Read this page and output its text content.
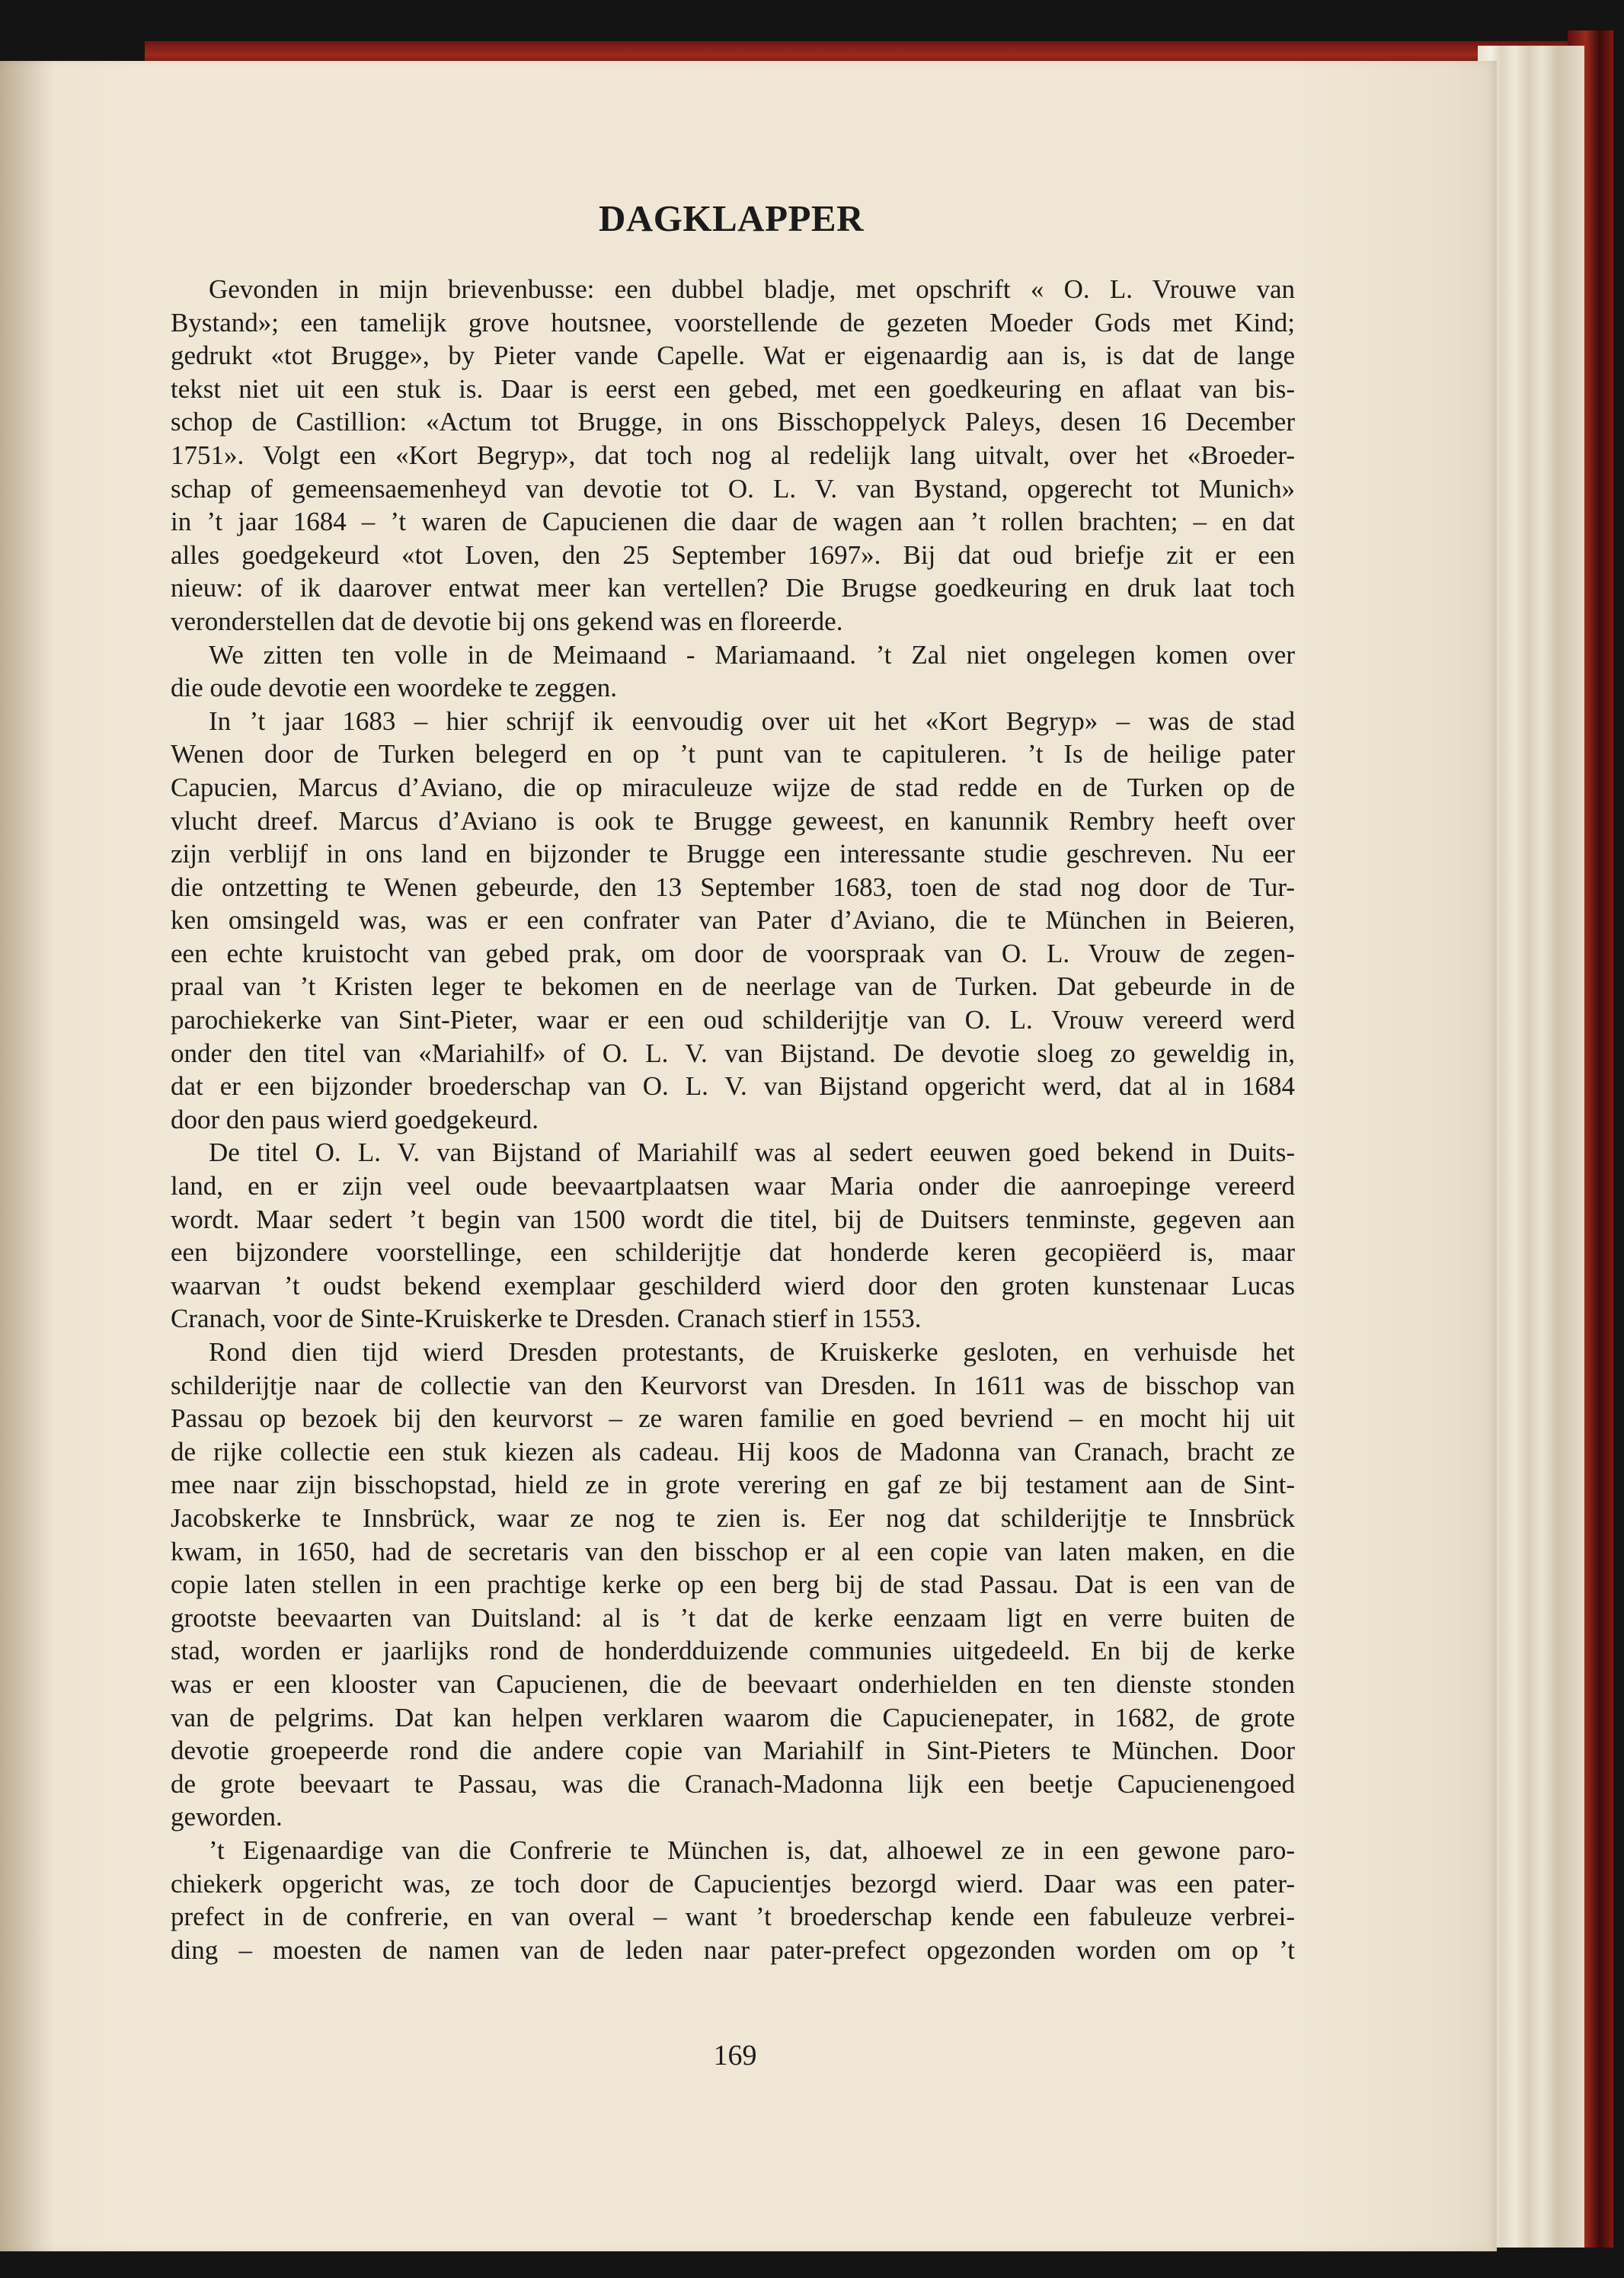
DAGKLAPPER
Gevonden in mijn brievenbusse: een dubbel bladje, met opschrift « O. L. Vrouwe van
Bystand»; een tamelijk grove houtsnee, voorstellende de gezeten Moeder Gods met Kind;
gedrukt «tot Brugge», by Pieter vande Capelle. Wat er eigenaardig aan is, is dat de lange
tekst niet uit een stuk is. Daar is eerst een gebed, met een goedkeuring en aflaat van bis-
schop de Castillion: «Actum tot Brugge, in ons Bisschoppelyck Paleys, desen 16 December
1751». Volgt een «Kort Begryp», dat toch nog al redelijk lang uitvalt, over het «Broeder-
schap of gemeensaemenheyd van devotie tot O. L. V. van Bystand, opgerecht tot Munich»
in ’t jaar 1684 – ’t waren de Capucienen die daar de wagen aan ’t rollen brachten; – en dat
alles goedgekeurd «tot Loven, den 25 September 1697». Bij dat oud briefje zit er een
nieuw: of ik daarover entwat meer kan vertellen? Die Brugse goedkeuring en druk laat toch
veronderstellen dat de devotie bij ons gekend was en floreerde.
We zitten ten volle in de Meimaand - Mariamaand. ’t Zal niet ongelegen komen over
die oude devotie een woordeke te zeggen.
In ’t jaar 1683 – hier schrijf ik eenvoudig over uit het «Kort Begryp» – was de stad
Wenen door de Turken belegerd en op ’t punt van te capituleren. ’t Is de heilige pater
Capucien, Marcus d’Aviano, die op miraculeuze wijze de stad redde en de Turken op de
vlucht dreef. Marcus d’Aviano is ook te Brugge geweest, en kanunnik Rembry heeft over
zijn verblijf in ons land en bijzonder te Brugge een interessante studie geschreven. Nu eer
die ontzetting te Wenen gebeurde, den 13 September 1683, toen de stad nog door de Tur-
ken omsingeld was, was er een confrater van Pater d’Aviano, die te München in Beieren,
een echte kruistocht van gebed prak, om door de voorspraak van O. L. Vrouw de zegen-
praal van ’t Kristen leger te bekomen en de neerlage van de Turken. Dat gebeurde in de
parochiekerke van Sint-Pieter, waar er een oud schilderijtje van O. L. Vrouw vereerd werd
onder den titel van «Mariahilf» of O. L. V. van Bijstand. De devotie sloeg zo geweldig in,
dat er een bijzonder broederschap van O. L. V. van Bijstand opgericht werd, dat al in 1684
door den paus wierd goedgekeurd.
De titel O. L. V. van Bijstand of Mariahilf was al sedert eeuwen goed bekend in Duits-
land, en er zijn veel oude beevaartplaatsen waar Maria onder die aanroepinge vereerd
wordt. Maar sedert ’t begin van 1500 wordt die titel, bij de Duitsers tenminste, gegeven aan
een bijzondere voorstellinge, een schilderijtje dat honderde keren gecopiëerd is, maar
waarvan ’t oudst bekend exemplaar geschilderd wierd door den groten kunstenaar Lucas
Cranach, voor de Sinte-Kruiskerke te Dresden. Cranach stierf in 1553.
Rond dien tijd wierd Dresden protestants, de Kruiskerke gesloten, en verhuisde het
schilderijtje naar de collectie van den Keurvorst van Dresden. In 1611 was de bisschop van
Passau op bezoek bij den keurvorst – ze waren familie en goed bevriend – en mocht hij uit
de rijke collectie een stuk kiezen als cadeau. Hij koos de Madonna van Cranach, bracht ze
mee naar zijn bisschopstad, hield ze in grote verering en gaf ze bij testament aan de Sint-
Jacobskerke te Innsbrück, waar ze nog te zien is. Eer nog dat schilderijtje te Innsbrück
kwam, in 1650, had de secretaris van den bisschop er al een copie van laten maken, en die
copie laten stellen in een prachtige kerke op een berg bij de stad Passau. Dat is een van de
grootste beevaarten van Duitsland: al is ’t dat de kerke eenzaam ligt en verre buiten de
stad, worden er jaarlijks rond de honderdduizende communies uitgedeeld. En bij de kerke
was er een klooster van Capucienen, die de beevaart onderhielden en ten dienste stonden
van de pelgrims. Dat kan helpen verklaren waarom die Capucienepater, in 1682, de grote
devotie groepeerde rond die andere copie van Mariahilf in Sint-Pieters te München. Door
de grote beevaart te Passau, was die Cranach-Madonna lijk een beetje Capucienengoed
geworden.
’t Eigenaardige van die Confrerie te München is, dat, alhoewel ze in een gewone paro-
chiekerk opgericht was, ze toch door de Capucientjes bezorgd wierd. Daar was een pater-
prefect in de confrerie, en van overal – want ’t broederschap kende een fabuleuze verbrei-
ding – moesten de namen van de leden naar pater-prefect opgezonden worden om op ’t
169
